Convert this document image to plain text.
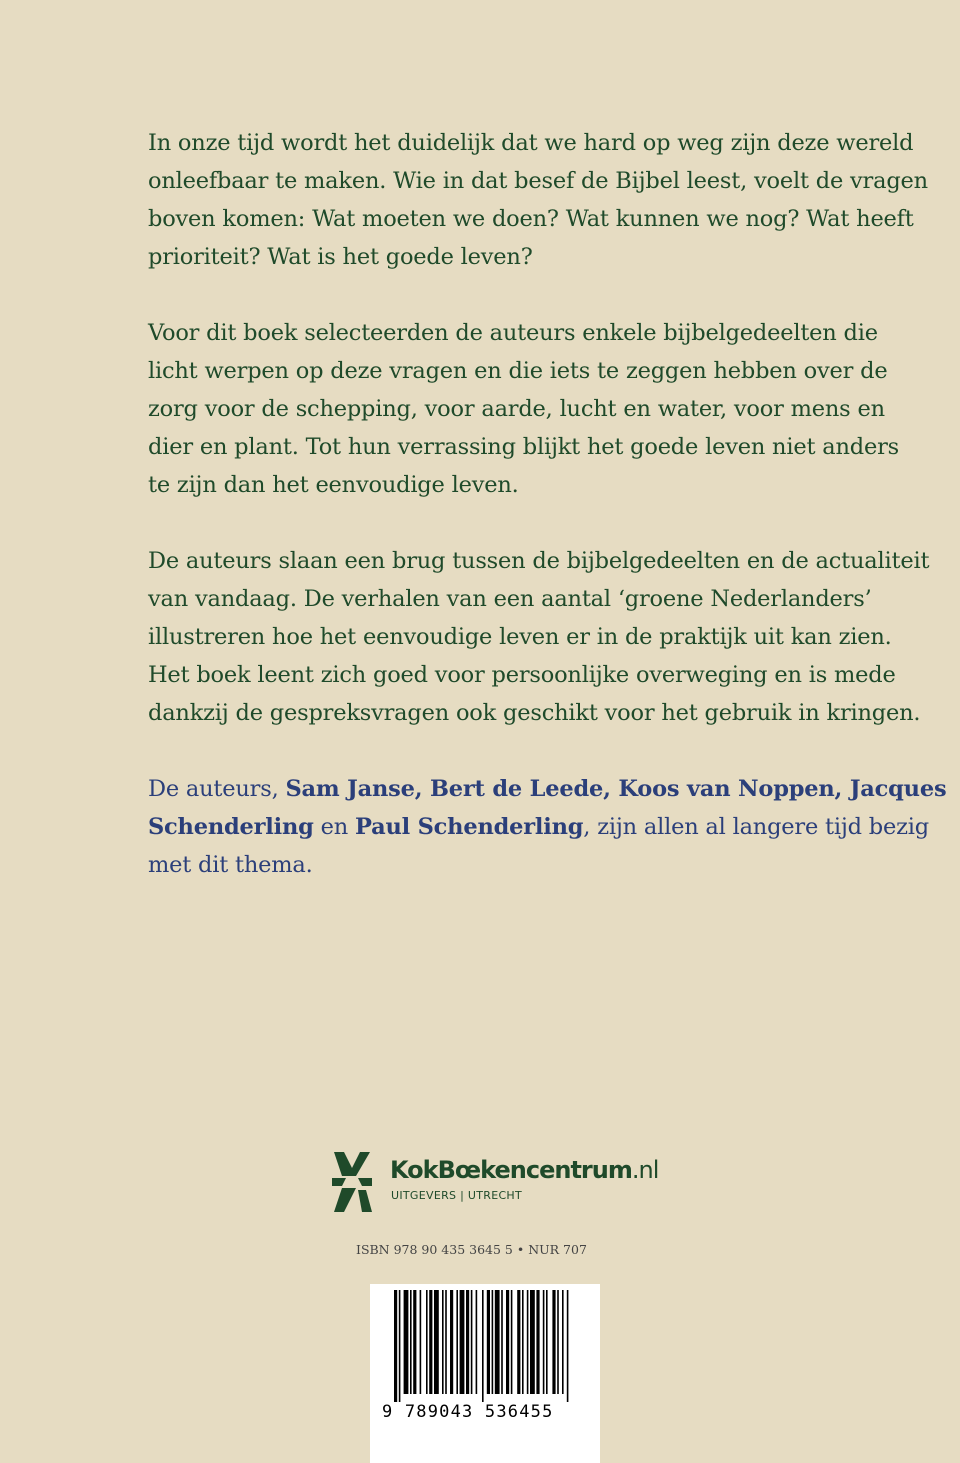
In onze tijd wordt het duidelijk dat we hard op weg zijn deze wereld
onleefbaar te maken. Wie in dat besef de Bijbel leest, voelt de vragen
boven komen: Wat moeten we doen? Wat kunnen we nog? Wat heeft
prioriteit? Wat is het goede leven?

Voor dit boek selecteerden de auteurs enkele bijbelgedeelten die
licht werpen op deze vragen en die iets te zeggen hebben over de
zorg voor de schepping, voor aarde, lucht en water, voor mens en
dier en plant. Tot hun verrassing blijkt het goede leven niet anders
te zijn dan het eenvoudige leven.

De auteurs slaan een brug tussen de bijbelgedeelten en de actualiteit
van vandaag. De verhalen van een aantal ‘groene Nederlanders’
illustreren hoe het eenvoudige leven er in de praktijk uit kan zien.
Het boek leent zich goed voor persoonlijke overweging en is mede
dankzij de gespreksvragen ook geschikt voor het gebruik in kringen.

De auteurs, Sam Janse, Bert de Leede, Koos van Noppen, Jacques
Schenderling en Paul Schenderling, zijn allen al langere tijd bezig
met dit thema.

KokBœkencentrum.nl
UITGEVERS | UTRECHT
ISBN 978 90 435 3645 5 • NUR 707
9 789043 536455
